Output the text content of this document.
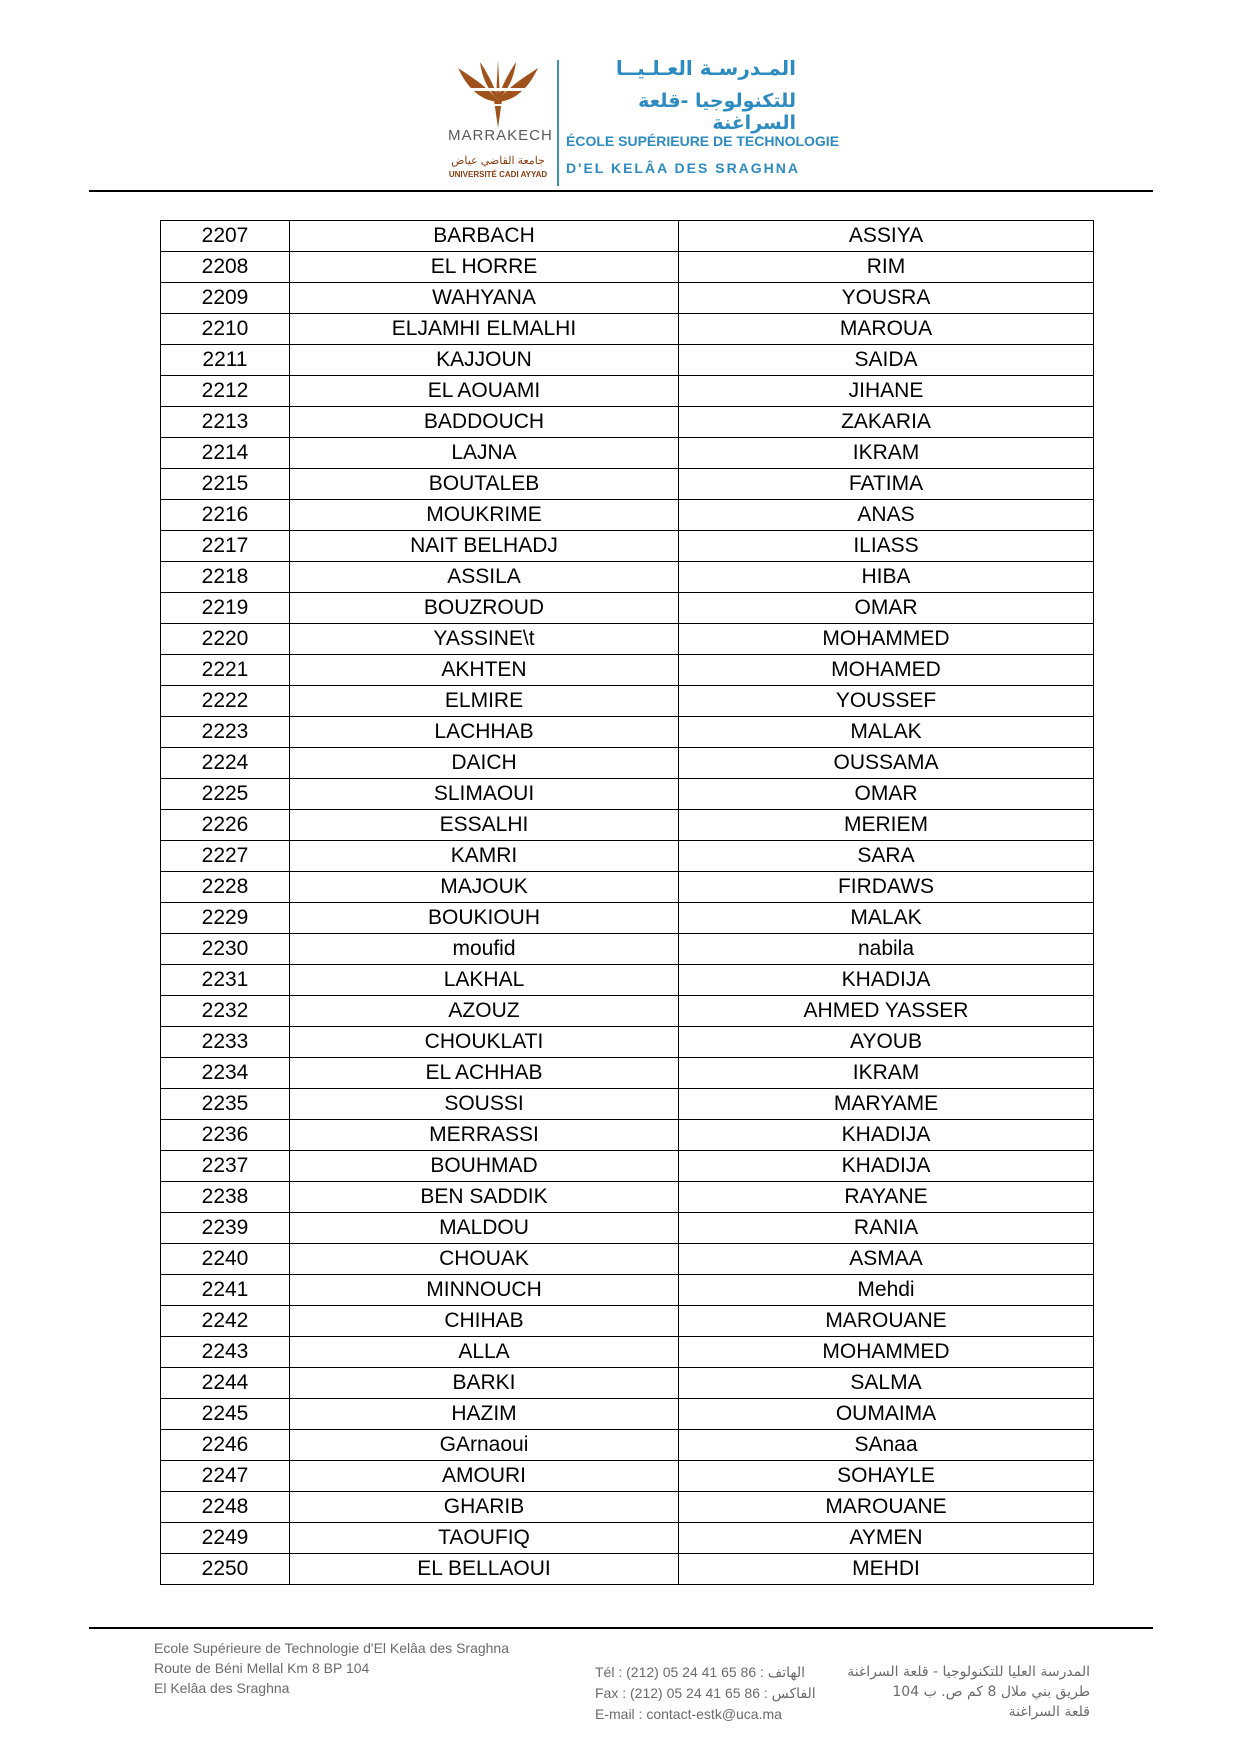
MARRAKECH
جامعة القاضي عياض
UNIVERSITÉ CADI AYYAD
المـدرسـة العـلـيــا
للتكنولوجيا -قلعة السراغنة
ÉCOLE SUPÉRIEURE DE TECHNOLOGIE
D'EL KELÂA DES SRAGHNA
2207	BARBACH	ASSIYA
2208	EL HORRE	RIM
2209	WAHYANA	YOUSRA
2210	ELJAMHI ELMALHI	MAROUA
2211	KAJJOUN	SAIDA
2212	EL AOUAMI	JIHANE
2213	BADDOUCH	ZAKARIA
2214	LAJNA	IKRAM
2215	BOUTALEB	FATIMA
2216	MOUKRIME	ANAS
2217	NAIT BELHADJ	ILIASS
2218	ASSILA	HIBA
2219	BOUZROUD	OMAR
2220	YASSINE\t	MOHAMMED
2221	AKHTEN	MOHAMED
2222	ELMIRE	YOUSSEF
2223	LACHHAB	MALAK
2224	DAICH	OUSSAMA
2225	SLIMAOUI	OMAR
2226	ESSALHI	MERIEM
2227	KAMRI	SARA
2228	MAJOUK	FIRDAWS
2229	BOUKIOUH	MALAK
2230	moufid	nabila
2231	LAKHAL	KHADIJA
2232	AZOUZ	AHMED YASSER
2233	CHOUKLATI	AYOUB
2234	EL ACHHAB	IKRAM
2235	SOUSSI	MARYAME
2236	MERRASSI	KHADIJA
2237	BOUHMAD	KHADIJA
2238	BEN SADDIK	RAYANE
2239	MALDOU	RANIA
2240	CHOUAK	ASMAA
2241	MINNOUCH	Mehdi
2242	CHIHAB	MAROUANE
2243	ALLA	MOHAMMED
2244	BARKI	SALMA
2245	HAZIM	OUMAIMA
2246	GArnaoui	SAnaa
2247	AMOURI	SOHAYLE
2248	GHARIB	MAROUANE
2249	TAOUFIQ	AYMEN
2250	EL BELLAOUI	MEHDI
Ecole Supérieure de Technologie d'El Kelâa des Sraghna
Route de Béni Mellal Km 8 BP 104
El Kelâa des Sraghna
Tél : (212) 05 24 41 65 86 : الهاتف
Fax : (212) 05 24 41 65 86 : الفاكس
E-mail : contact-estk@uca.ma
المدرسة العليا للتكنولوجيا - قلعة السراغنة
طريق بني ملال 8 كم ص. ب 104
قلعة السراغنة
